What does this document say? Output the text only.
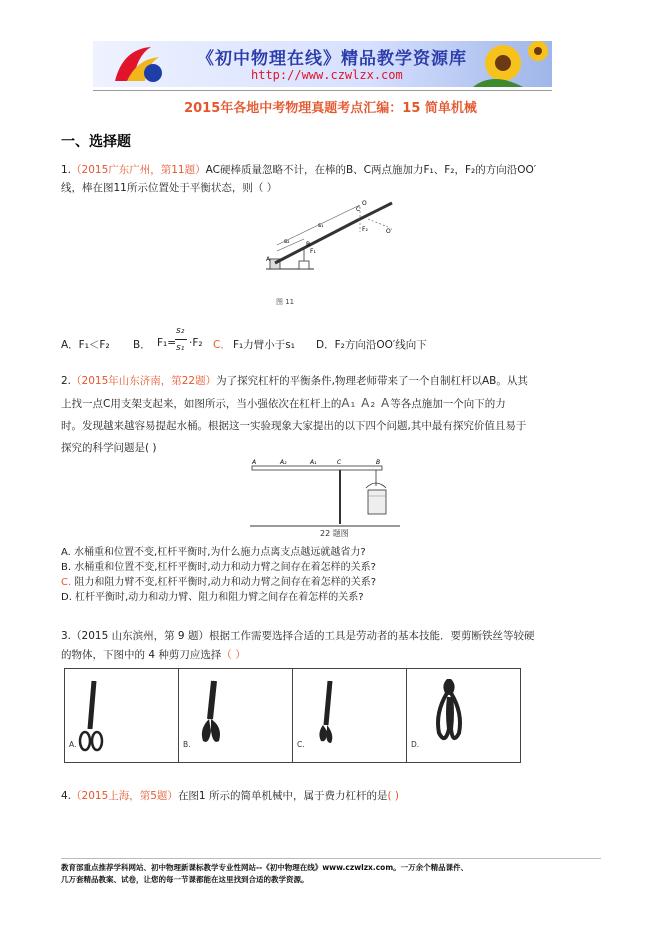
《初中物理在线》精品教学资源库
http://www.czwlzx.com
2015年各地中考物理真题考点汇编：15 简单机械
一、选择题
1.（2015广东广州，第11题）AC硬棒质量忽略不计，在棒的B、C两点施加力F₁、F₂，F₂的方向沿OO′
线，棒在图11所示位置处于平衡状态，则（ ）
s₂
s₁
F₁
F₂
B
C
A
O
O′
图 11
A．F₁＜F₂ B． F₁=
s₂
s₁ ·F₂ C． F₁力臂小于s₁ D．F₂方向沿OO′线向下
2.（2015年山东济南，第22题）为了探究杠杆的平衡条件,物理老师带来了一个自制杠杆以AB。从其
上找一点C用支架支起来，如图所示，当小强依次在杠杆上的A₁ A₂ A等各点施加一个向下的力
时。发现越来越容易提起水桶。根据这一实验现象大家提出的以下四个问题,其中最有探究价值且易于
探究的科学问题是( )
A	A₂	A₁	C	B
22 题图
A. 水桶重和位置不变,杠杆平衡时,为什么施力点离支点越远就越省力?
B. 水桶重和位置不变,杠杆平衡时,动力和动力臂之间存在着怎样的关系?
C. 阻力和阻力臂不变,杠杆平衡时,动力和动力臂之间存在着怎样的关系?
D. 杠杆平衡时,动力和动力臂、阻力和阻力臂之间存在着怎样的关系?
3.（2015 山东滨州，第 9 题）根据工作需要选择合适的工具是劳动者的基本技能．要剪断铁丝等较硬
的物体，下图中的 4 种剪刀应选择（ ）
A.	B.	C.	D.
4.（2015上海，第5题）在图1 所示的简单机械中，属于费力杠杆的是( )
教育部重点推荐学科网站、初中物理新课标教学专业性网站--《初中物理在线》www.czwlzx.com。一万余个精品课件、
几万套精品教案、试卷，让您的每一节课都能在这里找到合适的教学资源。
